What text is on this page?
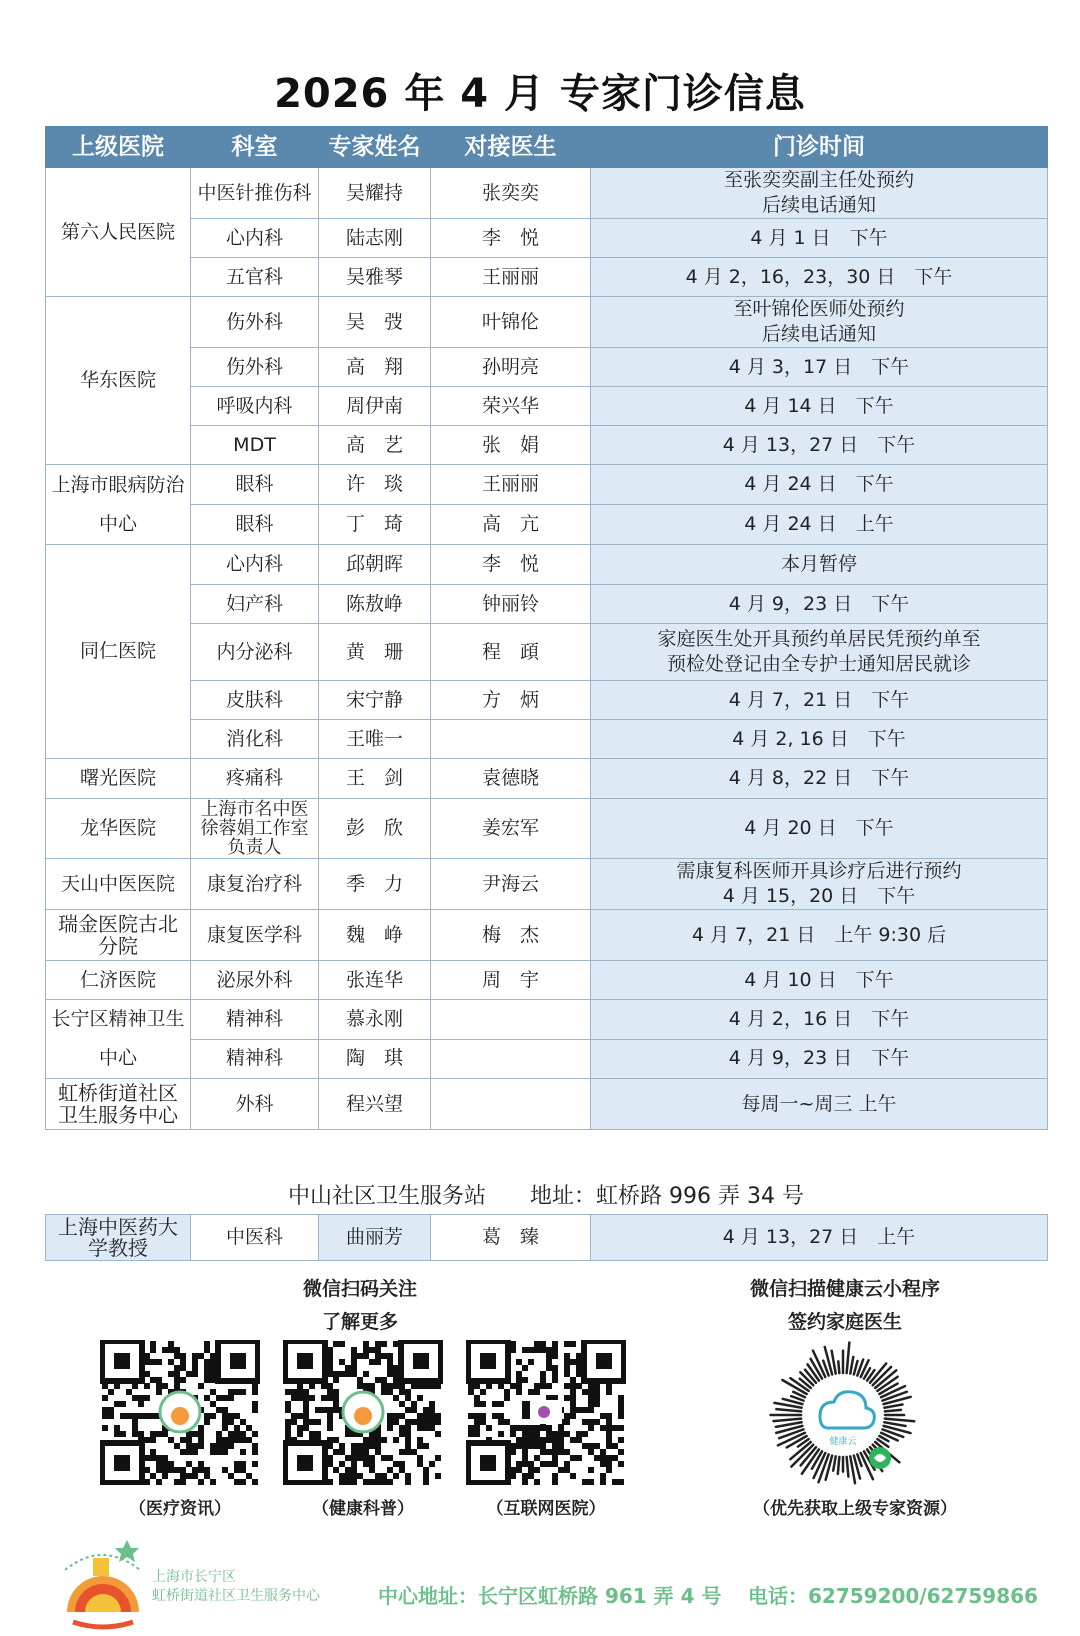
2026 年 4 月 专家门诊信息
上级医院	科室	专家姓名	对接医生	门诊时间
第六人民医院	中医针推伤科	吴耀持	张奕奕	至张奕奕副主任处预约
后续电话通知
	心内科	陆志刚	李　悦	4 月 1 日　下午
	五官科	吴雅琴	王丽丽	4 月 2，16，23，30 日　下午
华东医院	伤外科	吴　弢	叶锦伦	至叶锦伦医师处预约
后续电话通知
	伤外科	高　翔	孙明亮	4 月 3，17 日　下午
	呼吸内科	周伊南	荣兴华	4 月 14 日　下午
	MDT	高　艺	张　娟	4 月 13，27 日　下午
上海市眼病防治中心	眼科	许　琰	王丽丽	4 月 24 日　下午
	眼科	丁　琦	高　亢	4 月 24 日　上午
同仁医院	心内科	邱朝晖	李　悦	本月暂停
	妇产科	陈敖峥	钟丽铃	4 月 9，23 日　下午
	内分泌科	黄　珊	程　頙	家庭医生处开具预约单居民凭预约单至
预检处登记由全专护士通知居民就诊
	皮肤科	宋宁静	方　炳	4 月 7，21 日　下午
	消化科	王唯一		4 月 2, 16 日　下午
曙光医院	疼痛科	王　剑	袁德晓	4 月 8，22 日　下午
龙华医院	上海市名中医徐蓉娟工作室负责人	彭　欣	姜宏军	4 月 20 日　下午
天山中医医院	康复治疗科	季　力	尹海云	需康复科医师开具诊疗后进行预约
4 月 15，20 日　下午
瑞金医院古北分院	康复医学科	魏　峥	梅　杰	4 月 7，21 日　上午 9:30 后
仁济医院	泌尿外科	张连华	周　宇	4 月 10 日　下午
长宁区精神卫生中心	精神科	慕永刚		4 月 2，16 日　下午
	精神科	陶　琪		4 月 9，23 日　下午
虹桥街道社区卫生服务中心	外科	程兴望		每周一~周三 上午
中山社区卫生服务站　　地址：虹桥路 996 弄 34 号
上海中医药大学教授	中医科	曲丽芳	葛　臻	4 月 13，27 日　上午
微信扫码关注
了解更多
（医疗资讯）	（健康科普）	（互联网医院）
微信扫描健康云小程序
签约家庭医生
健康云
（优先获取上级专家资源）
上海市长宁区
虹桥街道社区卫生服务中心	中心地址：长宁区虹桥路 961 弄 4 号 电话：62759200/62759866
